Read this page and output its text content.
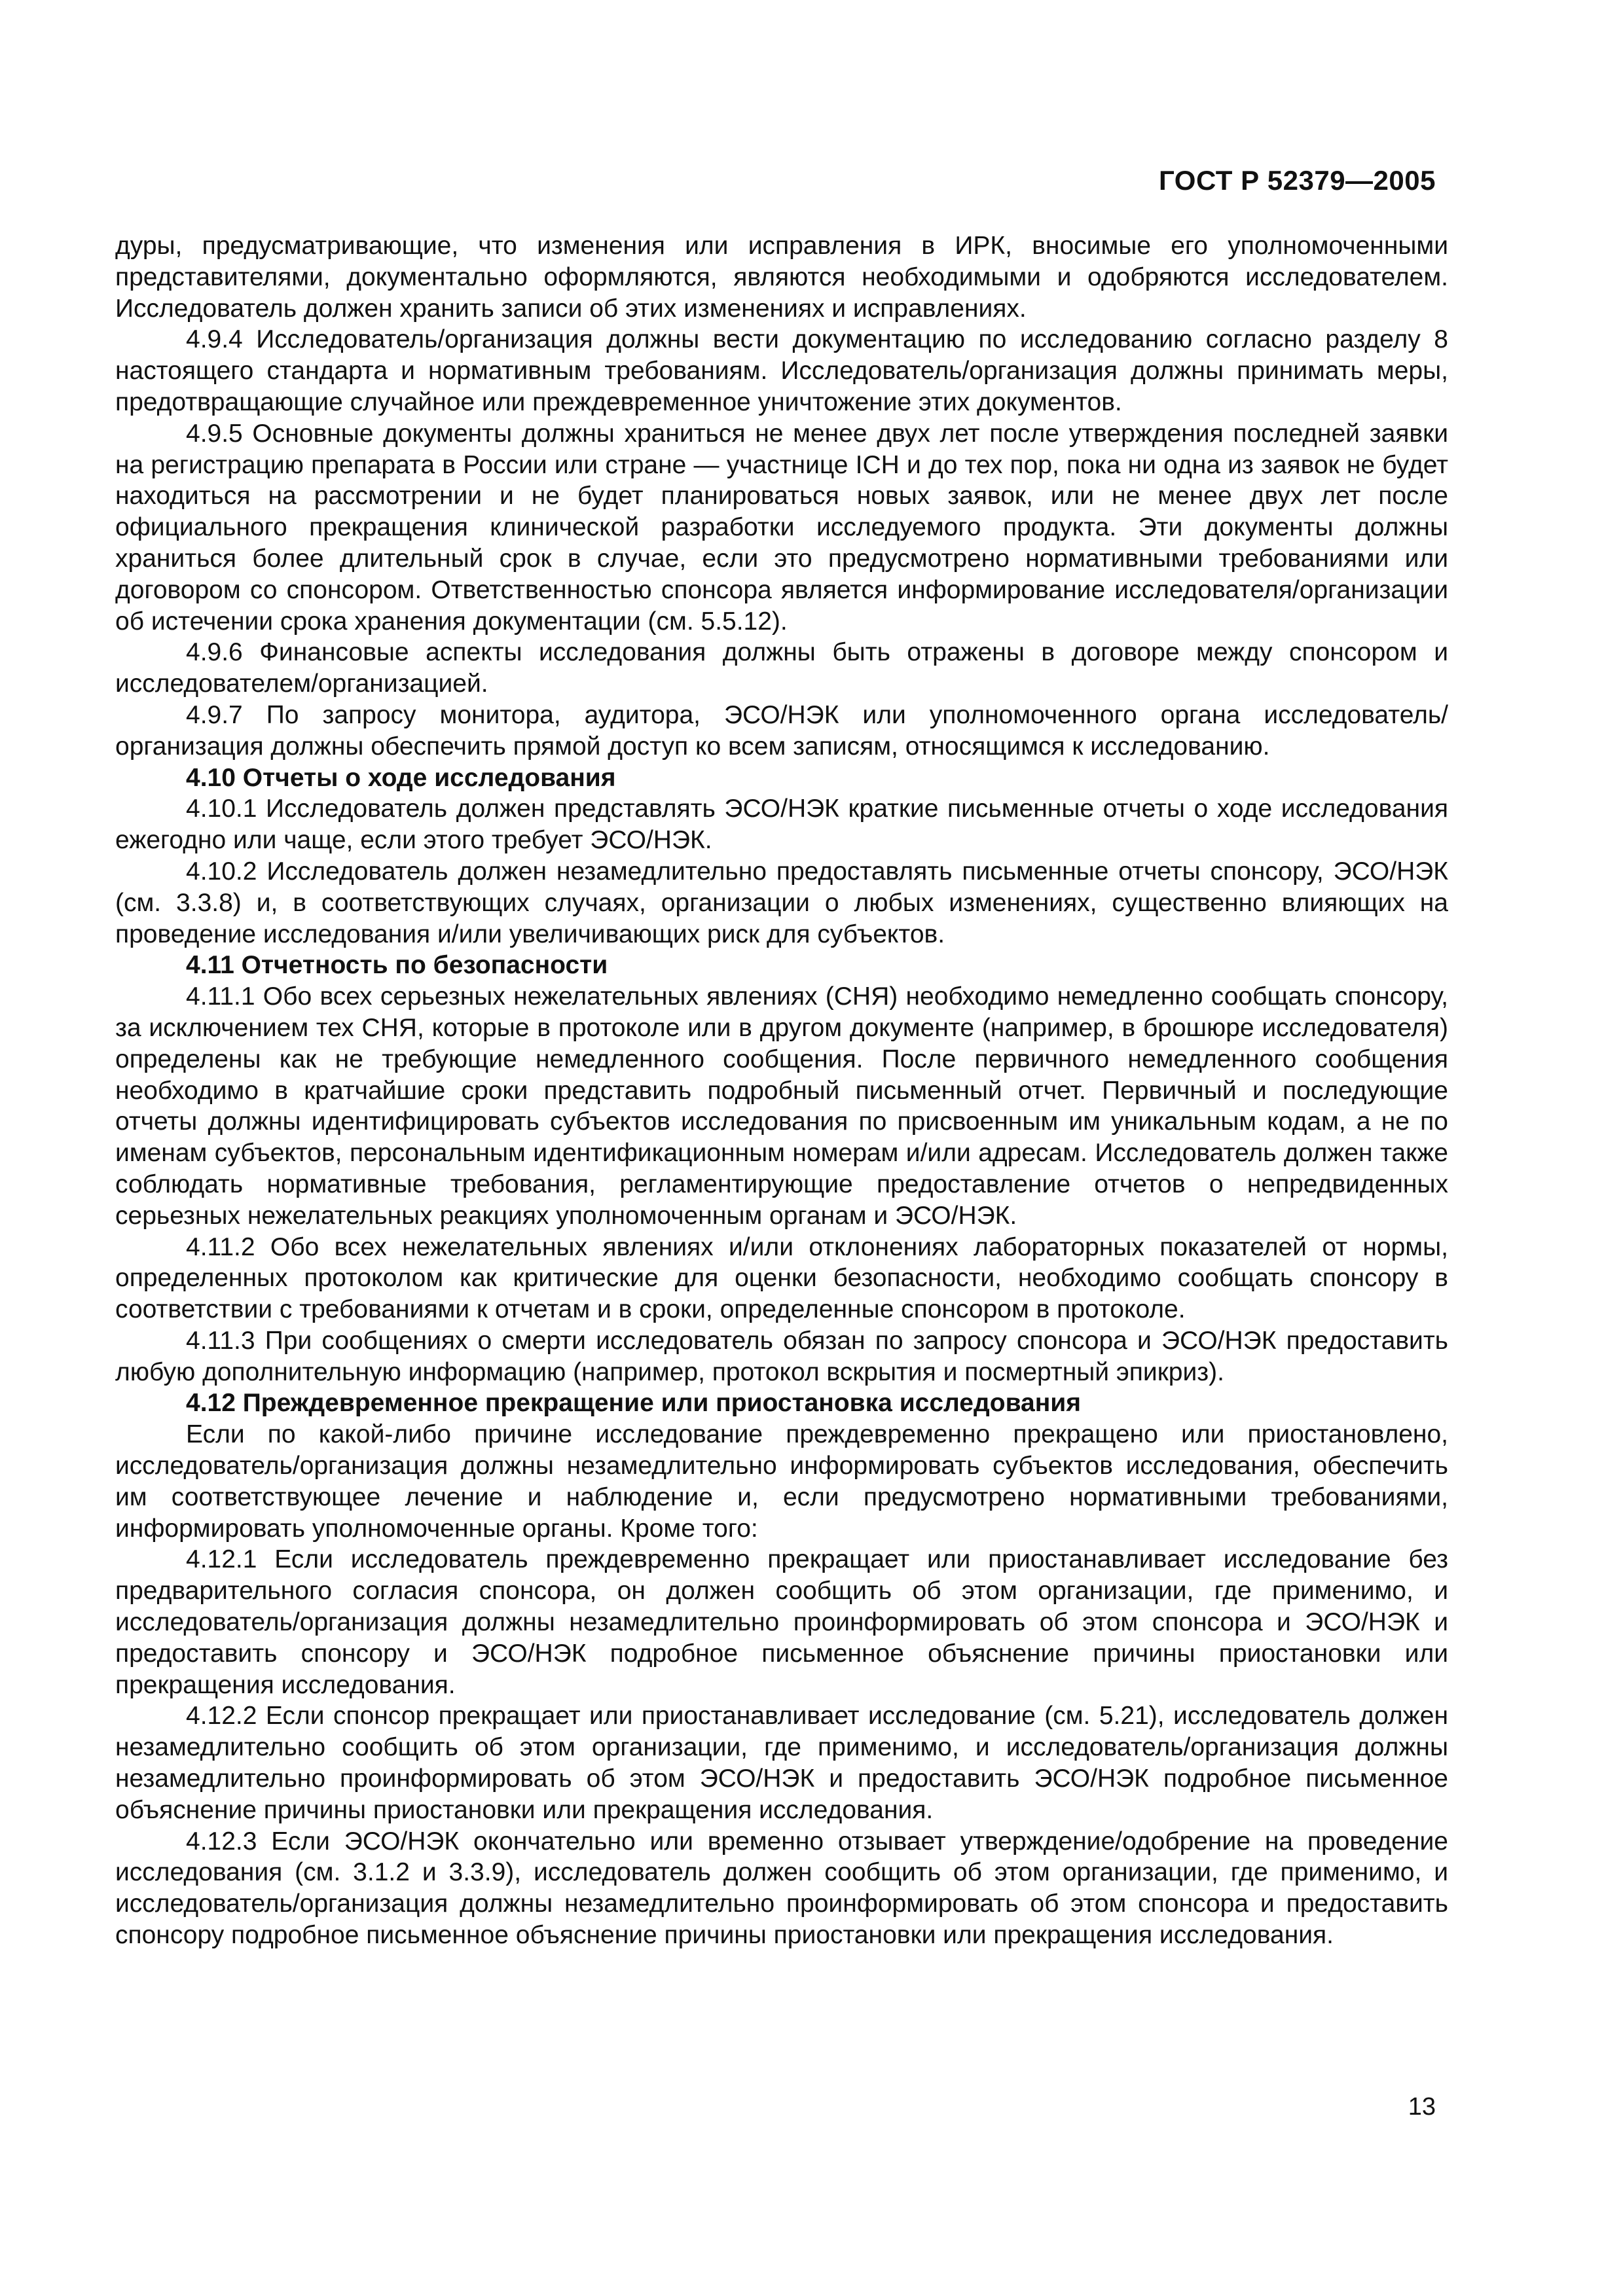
ГОСТ Р 52379—2005

дуры, предусматривающие, что изменения или исправления в ИРК, вносимые его уполномоченными представителями, документально оформляются, являются необходимыми и одобряются исследователем. Исследователь должен хранить записи об этих изменениях и исправлениях.

4.9.4 Исследователь/организация должны вести документацию по исследованию согласно разделу 8 настоящего стандарта и нормативным требованиям. Исследователь/организация должны принимать меры, предотвращающие случайное или преждевременное уничтожение этих документов.

4.9.5 Основные документы должны храниться не менее двух лет после утверждения последней заявки на регистрацию препарата в России или стране — участнице ICH и до тех пор, пока ни одна из заявок не будет находиться на рассмотрении и не будет планироваться новых заявок, или не менее двух лет после официального прекращения клинической разработки исследуемого продукта. Эти документы должны храниться более длительный срок в случае, если это предусмотрено нормативными требованиями или договором со спонсором. Ответственностью спонсора является информирование исследователя/организации об истечении срока хранения документации (см. 5.5.12).

4.9.6 Финансовые аспекты исследования должны быть отражены в договоре между спонсором и исследователем/организацией.

4.9.7 По запросу монитора, аудитора, ЭСО/НЭК или уполномоченного органа исследователь/организация должны обеспечить прямой доступ ко всем записям, относящимся к исследованию.

4.10 Отчеты о ходе исследования

4.10.1 Исследователь должен представлять ЭСО/НЭК краткие письменные отчеты о ходе исследования ежегодно или чаще, если этого требует ЭСО/НЭК.

4.10.2 Исследователь должен незамедлительно предоставлять письменные отчеты спонсору, ЭСО/НЭК (см. 3.3.8) и, в соответствующих случаях, организации о любых изменениях, существенно влияющих на проведение исследования и/или увеличивающих риск для субъектов.

4.11 Отчетность по безопасности

4.11.1 Обо всех серьезных нежелательных явлениях (СНЯ) необходимо немедленно сообщать спонсору, за исключением тех СНЯ, которые в протоколе или в другом документе (например, в брошюре исследователя) определены как не требующие немедленного сообщения. После первичного немедленного сообщения необходимо в кратчайшие сроки представить подробный письменный отчет. Первичный и последующие отчеты должны идентифицировать субъектов исследования по присвоенным им уникальным кодам, а не по именам субъектов, персональным идентификационным номерам и/или адресам. Исследователь должен также соблюдать нормативные требования, регламентирующие предоставление отчетов о непредвиденных серьезных нежелательных реакциях уполномоченным органам и ЭСО/НЭК.

4.11.2 Обо всех нежелательных явлениях и/или отклонениях лабораторных показателей от нормы, определенных протоколом как критические для оценки безопасности, необходимо сообщать спонсору в соответствии с требованиями к отчетам и в сроки, определенные спонсором в протоколе.

4.11.3 При сообщениях о смерти исследователь обязан по запросу спонсора и ЭСО/НЭК предоставить любую дополнительную информацию (например, протокол вскрытия и посмертный эпикриз).

4.12 Преждевременное прекращение или приостановка исследования

Если по какой-либо причине исследование преждевременно прекращено или приостановлено, исследователь/организация должны незамедлительно информировать субъектов исследования, обеспечить им соответствующее лечение и наблюдение и, если предусмотрено нормативными требованиями, информировать уполномоченные органы. Кроме того:

4.12.1 Если исследователь преждевременно прекращает или приостанавливает исследование без предварительного согласия спонсора, он должен сообщить об этом организации, где применимо, и исследователь/организация должны незамедлительно проинформировать об этом спонсора и ЭСО/НЭК и предоставить спонсору и ЭСО/НЭК подробное письменное объяснение причины приостановки или прекращения исследования.

4.12.2 Если спонсор прекращает или приостанавливает исследование (см. 5.21), исследователь должен незамедлительно сообщить об этом организации, где применимо, и исследователь/организация должны незамедлительно проинформировать об этом ЭСО/НЭК и предоставить ЭСО/НЭК подробное письменное объяснение причины приостановки или прекращения исследования.

4.12.3 Если ЭСО/НЭК окончательно или временно отзывает утверждение/одобрение на проведение исследования (см. 3.1.2 и 3.3.9), исследователь должен сообщить об этом организации, где применимо, и исследователь/организация должны незамедлительно проинформировать об этом спонсора и предоставить спонсору подробное письменное объяснение причины приостановки или прекращения исследования.

13
